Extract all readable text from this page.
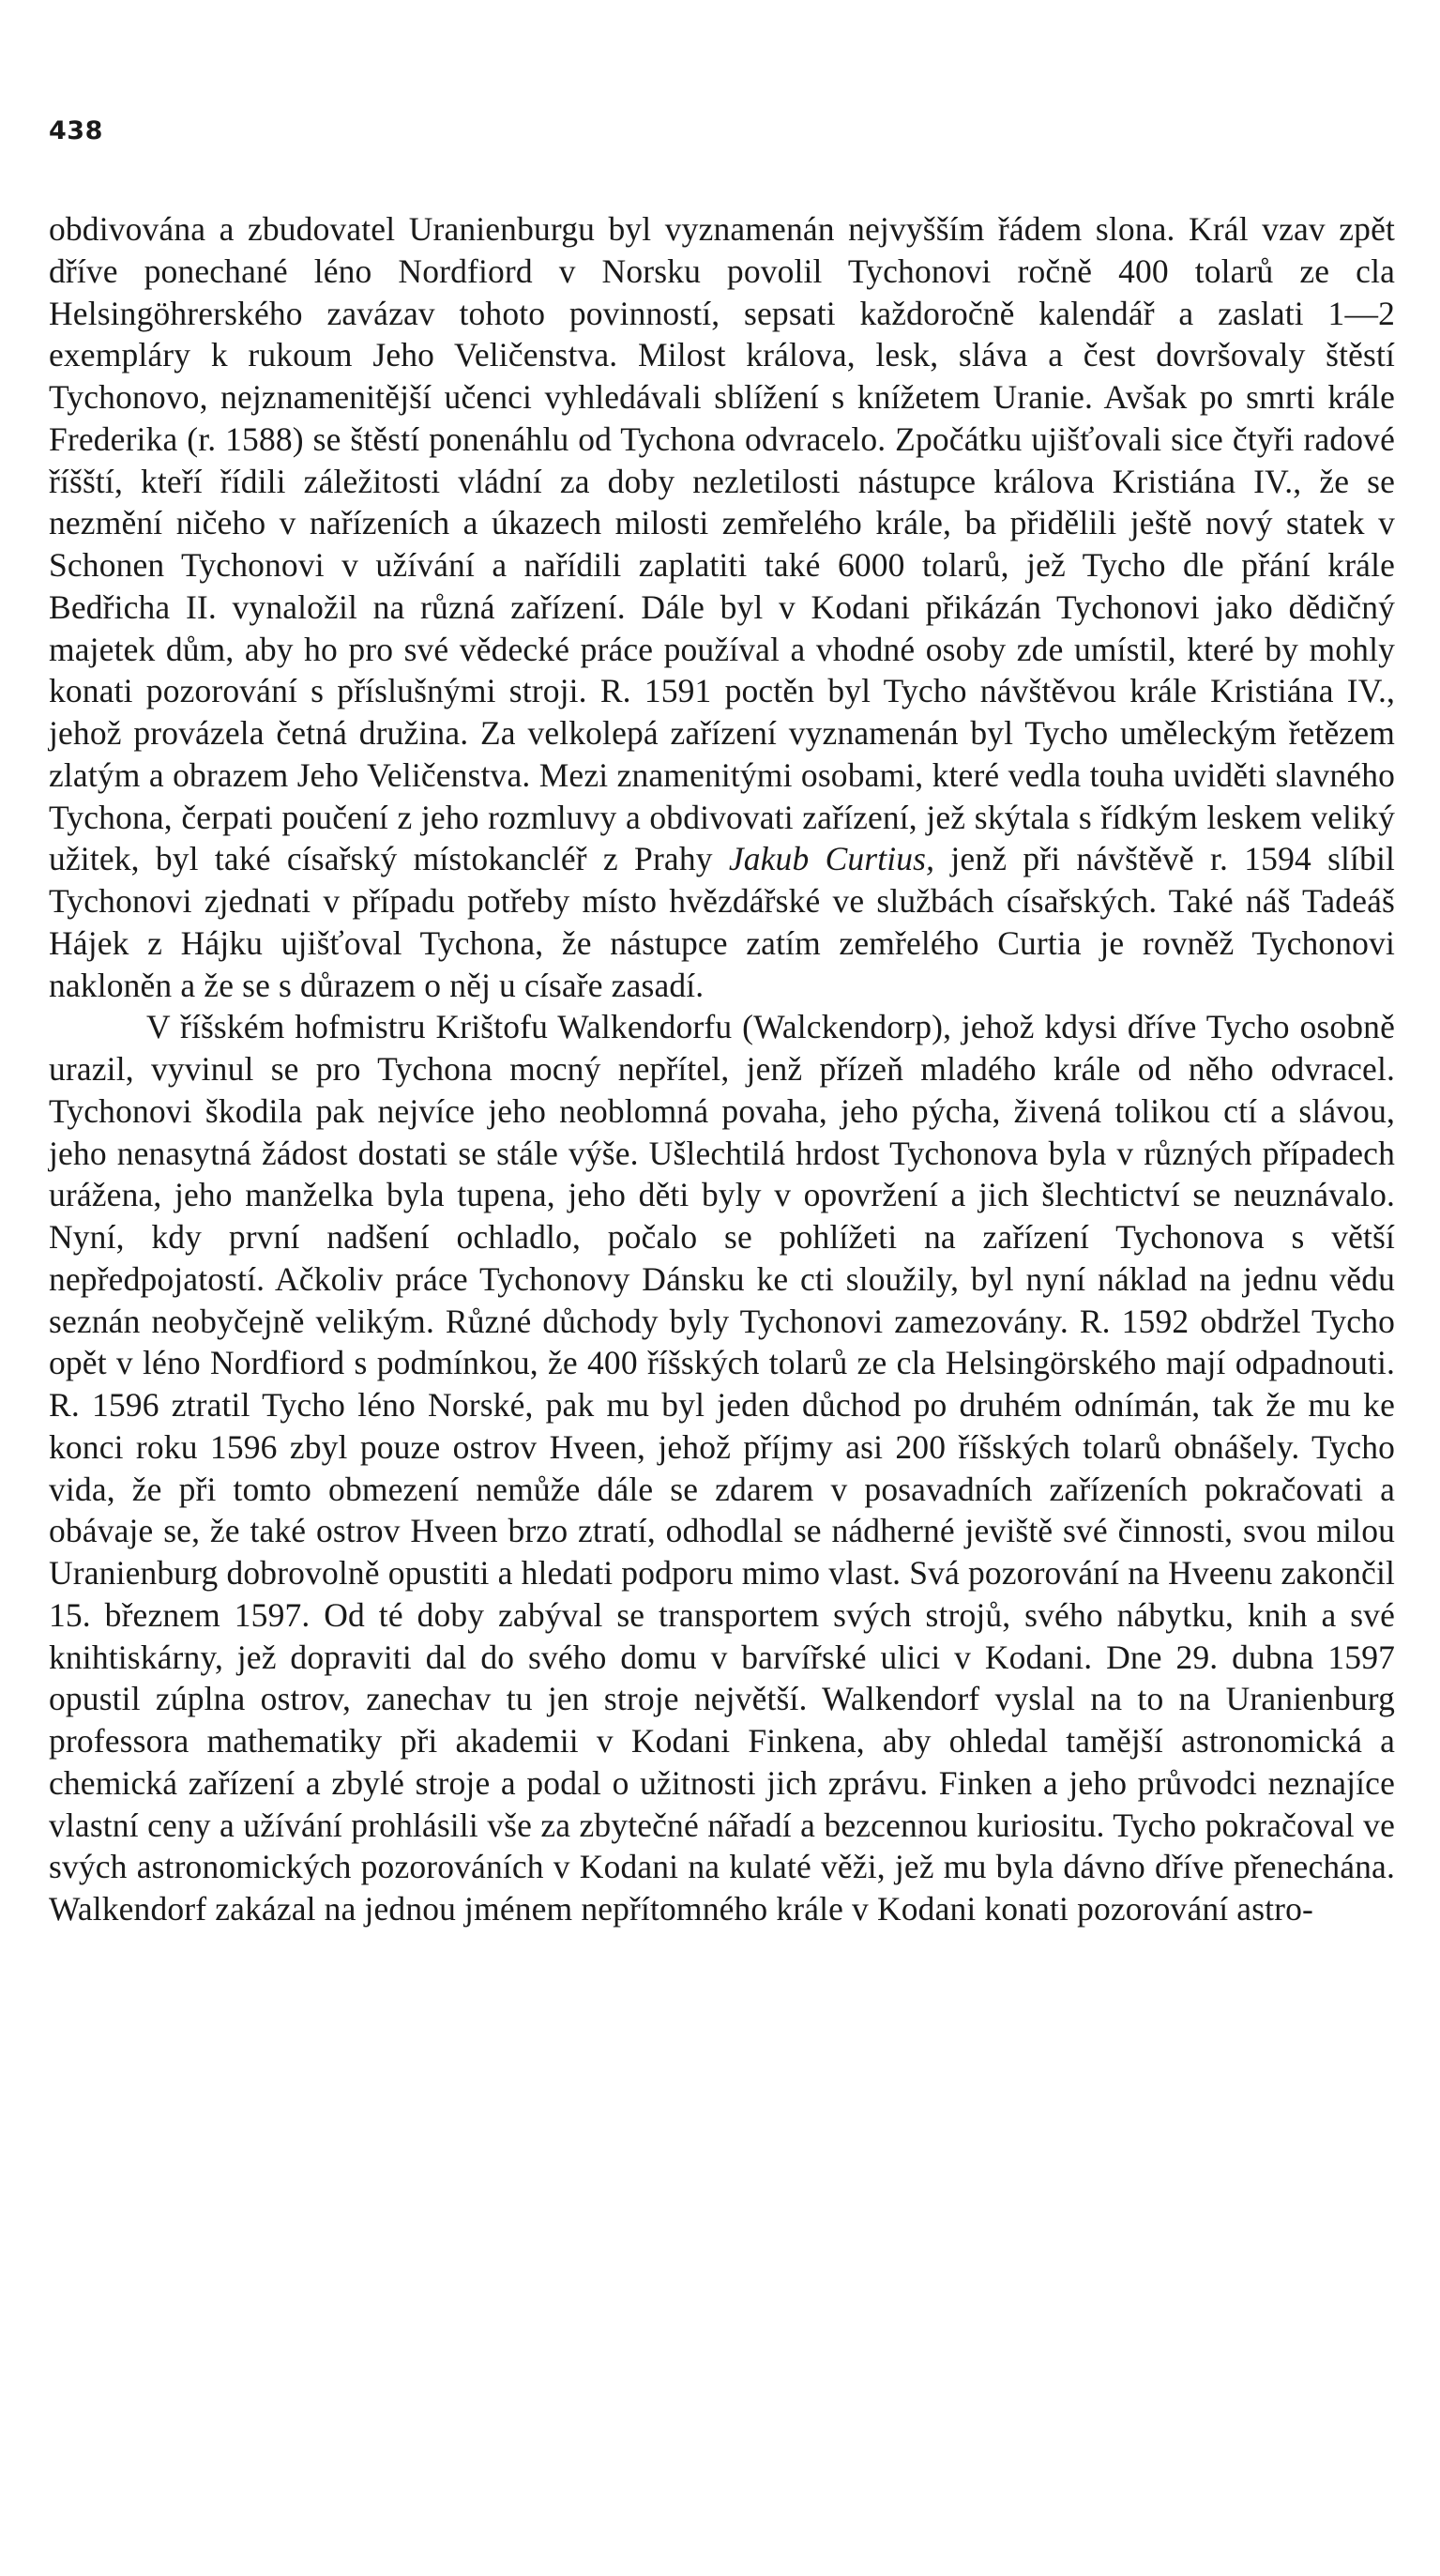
438

obdivována a zbudovatel Uranienburgu byl vyznamenán nejvyšším řádem slona. Král vzav zpět dříve ponechané léno Nordfiord v Norsku povolil Tychonovi ročně 400 tolarů ze cla Helsingöhrerského zavázav tohoto povinností, sepsati každoročně kalendář a zaslati 1—2 exempláry k rukoum Jeho Veličenstva. Milost králova, lesk, sláva a čest dovršovaly štěstí Tychonovo, nejznamenitější učenci vyhledávali sblížení s knížetem Uranie. Avšak po smrti krále Frederika (r. 1588) se štěstí ponenáhlu od Tychona odvracelo. Zpočátku ujišťovali sice čtyři radové říšští, kteří řídili záležitosti vládní za doby nezletilosti nástupce králova Kristiána IV., že se nezmění ničeho v nařízeních a úkazech milosti zemřelého krále, ba přidělili ještě nový statek v Schonen Tychonovi v užívání a nařídili zaplatiti také 6000 tolarů, jež Tycho dle přání krále Bedřicha II. vynaložil na různá zařízení. Dále byl v Kodani přikázán Tychonovi jako dědičný majetek dům, aby ho pro své vědecké práce používal a vhodné osoby zde umístil, které by mohly konati pozorování s příslušnými stroji. R. 1591 poctěn byl Tycho návštěvou krále Kristiána IV., jehož provázela četná družina. Za velkolepá zařízení vyznamenán byl Tycho uměleckým řetězem zlatým a obrazem Jeho Veličenstva. Mezi znamenitými osobami, které vedla touha uviděti slavného Tychona, čerpati poučení z jeho rozmluvy a obdivovati zařízení, jež skýtala s řídkým leskem veliký užitek, byl také císařský místokancléř z Prahy Jakub Curtius, jenž při návštěvě r. 1594 slíbil Tychonovi zjednati v případu potřeby místo hvězdářské ve službách císařských. Také náš Tadeáš Hájek z Hájku ujišťoval Tychona, že nástupce zatím zemřelého Curtia je rovněž Tychonovi nakloněn a že se s důrazem o něj u císaře zasadí.

V říšském hofmistru Krištofu Walkendorfu (Walckendorp), jehož kdysi dříve Tycho osobně urazil, vyvinul se pro Tychona mocný nepřítel, jenž přízeň mladého krále od něho odvracel. Tychonovi škodila pak nejvíce jeho neoblomná povaha, jeho pýcha, živená tolikou ctí a slávou, jeho nenasytná žádost dostati se stále výše. Ušlechtilá hrdost Tychonova byla v různých případech urážena, jeho manželka byla tupena, jeho děti byly v opovržení a jich šlechtictví se neuznávalo. Nyní, kdy první nadšení ochladlo, počalo se pohlížeti na zařízení Tychonova s větší nepředpojatostí. Ačkoliv práce Tychonovy Dánsku ke cti sloužily, byl nyní náklad na jednu vědu seznán neobyčejně velikým. Různé důchody byly Tychonovi zamezovány. R. 1592 obdržel Tycho opět v léno Nordfiord s podmínkou, že 400 říšských tolarů ze cla Helsingörského mají odpadnouti. R. 1596 ztratil Tycho léno Norské, pak mu byl jeden důchod po druhém odnímán, tak že mu ke konci roku 1596 zbyl pouze ostrov Hveen, jehož příjmy asi 200 říšských tolarů obnášely. Tycho vida, že při tomto obmezení nemůže dále se zdarem v posavadních zařízeních pokračovati a obávaje se, že také ostrov Hveen brzo ztratí, odhodlal se nádherné jeviště své činnosti, svou milou Uranienburg dobrovolně opustiti a hledati podporu mimo vlast. Svá pozorování na Hveenu zakončil 15. březnem 1597. Od té doby zabýval se transportem svých strojů, svého nábytku, knih a své knihtiskárny, jež dopraviti dal do svého domu v barvířské ulici v Kodani. Dne 29. dubna 1597 opustil zúplna ostrov, zanechav tu jen stroje největší. Walkendorf vyslal na to na Uranienburg professora mathematiky při akademii v Kodani Finkena, aby ohledal tamější astronomická a chemická zařízení a zbylé stroje a podal o užitnosti jich zprávu. Finken a jeho průvodci neznajíce vlastní ceny a užívání prohlásili vše za zbytečné nářadí a bezcennou kuriositu. Tycho pokračoval ve svých astronomických pozorováních v Kodani na kulaté věži, jež mu byla dávno dříve přenechána. Walkendorf zakázal na jednou jménem nepřítomného krále v Kodani konati pozorování astro-
